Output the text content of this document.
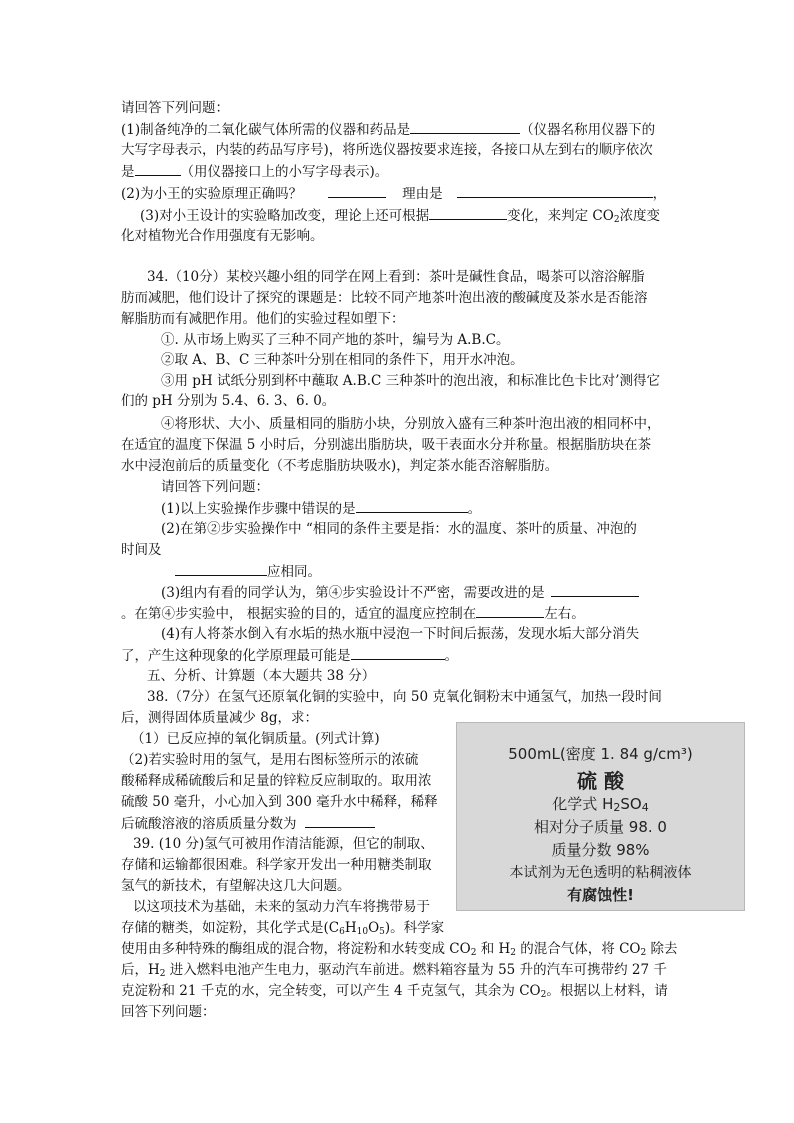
请回答下列问题：
(1)制备纯净的二氧化碳气体所需的仪器和药品是	（仪器名称用仪器下的
大写字母表示，内装的药品写序号)，将所选仪器按要求连接，各接口从左到右的顺序依次
是	（用仪器接口上的小写字母表示)。
(2)为小王的实验原理正确吗？	理由是	，
(3)对小王设计的实验略加改变，理论上还可根据	变化，来判定 $CO_2$浓度变
化对植物光合作用强度有无影响。
34.（10分）某校兴趣小组的同学在网上看到：茶叶是碱性食品，喝茶可以溶浴解脂
肪而减肥，他们设计了探究的课题是：比较不同产地茶叶泡出液的酸碱度及茶水是否能溶
解脂肪而有减肥作用。他们的实验过程如塱下：
①. 从市场上购买了三种不同产地的茶叶，编号为 A.B.C。
②取 A、B、C 三种茶叶分别在相同的条件下，用开水冲泡。
③用 pH 试纸分别到杯中蘸取 A.B.C 三种茶叶的泡出液，和标准比色卡比对’测得它
们的 pH 分别为 5.4、6. 3、6. 0。
④将形状、大小、质量相同的脂肪小块，分别放入盛有三种茶叶泡出液的相同杯中，
在适宜的温度下保温 5 小时后，分别滤出脂肪块，吸干表面水分并称量。根据脂肪块在茶
水中浸泡前后的质量变化（不考虑脂肪块吸水)，判定茶水能否溶解脂肪。
请回答下列问题：
(1)以上实验操作步骤中错误的是	。
(2)在第②步实验操作中 “相同的条件主要是指：水的温度、茶叶的质量、冲泡的
时间及
应相同。
(3)组内有看的同学认为，第④步实验设计不严密，需要改进的是
。在第④步实验中， 根据实验的目的，适宜的温度应控制在	左右。
(4)有人将茶水倒入有水垢的热水瓶中浸泡一下时间后振荡，发现水垢大部分消失
了，产生这种现象的化学原理最可能是	。
五、分析、计算题（本大题共 38 分）
38.（7分）在氢气还原氧化铜的实验中，向 50 克氧化铜粉末中通氢气，加热一段时间
后，测得固体质量减少 8g，求：
（1）已反应掉的氧化铜质量。(列式计算)
（2)若实验时用的氢气，是用右图标签所示的浓硫
酸稀释成稀硫酸后和足量的锌粒反应制取的。取用浓
硫酸 50 毫升，小心加入到 300 毫升水中稀释，稀释
后硫酸溶液的溶质质量分数为
39. (10 分)氢气可被用作清洁能源，但它的制取、
存储和运输都很困难。科学家开发出一种用糖类制取
氢气的新技术，有望解决这几大问题。
以这项技术为基础，未来的氢动力汽车将携带易于
存储的糖类，如淀粉，其化学式是$(C_6H_{10}O_5)$。科学家
使用由多种特殊的酶组成的混合物，将淀粉和水转变成 $CO_2$ 和 $H_2$ 的混合气体，将 $CO_2$ 除去
后，$H_2$ 进入燃料电池产生电力，驱动汽车前进。燃料箱容量为 55 升的汽车可携带约 27 千
克淀粉和 21 千克的水，完全转变，可以产生 4 千克氢气，其余为 $CO_2$。根据以上材料，请
回答下列问题：
500mL(密度 1. 84 g/cm³)
硫 酸
化学式 H2SO4
相对分子质量 98. 0
质量分数 98%
本试剂为无色透明的粘稠液体
有腐蚀性!
